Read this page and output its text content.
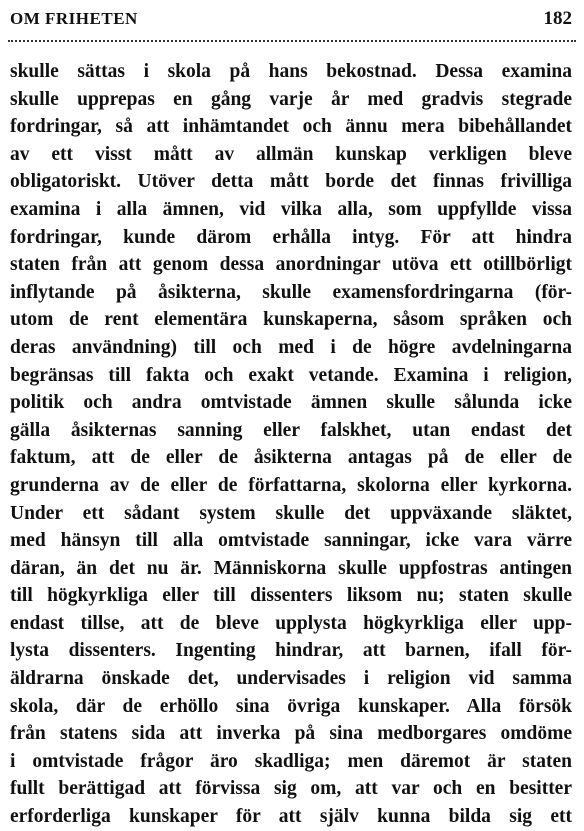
OM FRIHETEN	182
skulle sättas i skola på hans bekostnad. Dessa examina
skulle upprepas en gång varje år med gradvis stegrade
fordringar, så att inhämtandet och ännu mera bibehållandet
av ett visst mått av allmän kunskap verkligen bleve
obligatoriskt. Utöver detta mått borde det finnas frivilliga
examina i alla ämnen, vid vilka alla, som uppfyllde vissa
fordringar, kunde därom erhålla intyg. För att hindra
staten från att genom dessa anordningar utöva ett otillbörligt
inflytande på åsikterna, skulle examensfordringarna (för-
utom de rent elementära kunskaperna, såsom språken och
deras användning) till och med i de högre avdelningarna
begränsas till fakta och exakt vetande. Examina i religion,
politik och andra omtvistade ämnen skulle sålunda icke
gälla åsikternas sanning eller falskhet, utan endast det
faktum, att de eller de åsikterna antagas på de eller de
grunderna av de eller de författarna, skolorna eller kyrkorna.
Under ett sådant system skulle det uppväxande släktet,
med hänsyn till alla omtvistade sanningar, icke vara värre
däran, än det nu är. Människorna skulle uppfostras antingen
till högkyrkliga eller till dissenters liksom nu; staten skulle
endast tillse, att de bleve upplysta högkyrkliga eller upp-
lysta dissenters. Ingenting hindrar, att barnen, ifall för-
äldrarna önskade det, undervisades i religion vid samma
skola, där de erhöllo sina övriga kunskaper. Alla försök
från statens sida att inverka på sina medborgares omdöme
i omtvistade frågor äro skadliga; men däremot är staten
fullt berättigad att förvissa sig om, att var och en besitter
erforderliga kunskaper för att själv kunna bilda sig ett
